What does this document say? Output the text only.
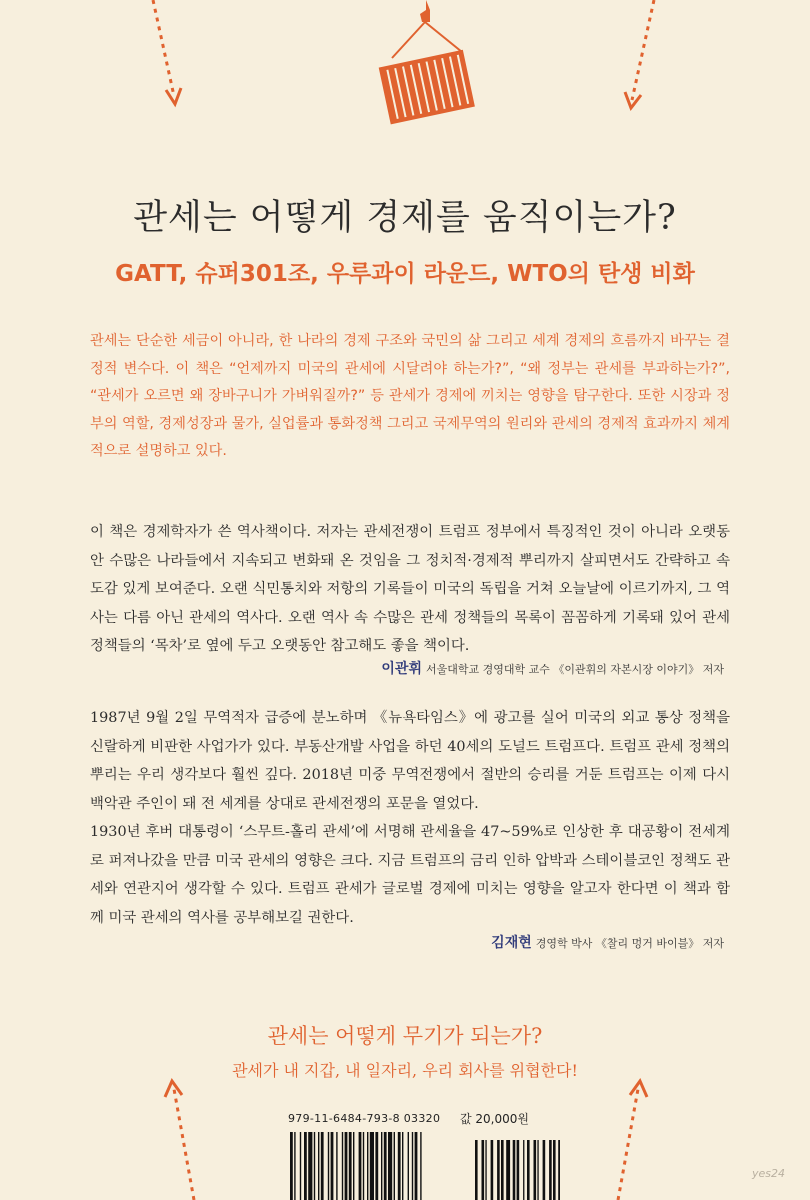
관세는 어떻게 경제를 움직이는가?
GATT, 슈퍼301조, 우루과이 라운드, WTO의 탄생 비화
관세는 단순한 세금이 아니라, 한 나라의 경제 구조와 국민의 삶 그리고 세계 경제의 흐름까지 바꾸는 결정적 변수다. 이 책은 “언제까지 미국의 관세에 시달려야 하는가?”, “왜 정부는 관세를 부과하는가?”, “관세가 오르면 왜 장바구니가 가벼워질까?” 등 관세가 경제에 끼치는 영향을 탐구한다. 또한 시장과 정부의 역할, 경제성장과 물가, 실업률과 통화정책 그리고 국제무역의 원리와 관세의 경제적 효과까지 체계적으로 설명하고 있다.

이 책은 경제학자가 쓴 역사책이다. 저자는 관세전쟁이 트럼프 정부에서 특징적인 것이 아니라 오랫동안 수많은 나라들에서 지속되고 변화돼 온 것임을 그 정치적·경제적 뿌리까지 살피면서도 간략하고 속도감 있게 보여준다. 오랜 식민통치와 저항의 기록들이 미국의 독립을 거쳐 오늘날에 이르기까지, 그 역사는 다름 아닌 관세의 역사다. 오랜 역사 속 수많은 관세 정책들의 목록이 꼼꼼하게 기록돼 있어 관세 정책들의 ‘목차’로 옆에 두고 오랫동안 참고해도 좋을 책이다.

이관휘 서울대학교 경영대학 교수 《이관휘의 자본시장 이야기》 저자

1987년 9월 2일 무역적자 급증에 분노하며 《뉴욕타임스》에 광고를 실어 미국의 외교 통상 정책을 신랄하게 비판한 사업가가 있다. 부동산개발 사업을 하던 40세의 도널드 트럼프다. 트럼프 관세 정책의 뿌리는 우리 생각보다 훨씬 깊다. 2018년 미중 무역전쟁에서 절반의 승리를 거둔 트럼프는 이제 다시 백악관 주인이 돼 전 세계를 상대로 관세전쟁의 포문을 열었다.

1930년 후버 대통령이 ‘스무트-홀리 관세’에 서명해 관세율을 47~59%로 인상한 후 대공황이 전세계로 퍼져나갔을 만큼 미국 관세의 영향은 크다. 지금 트럼프의 금리 인하 압박과 스테이블코인 정책도 관세와 연관지어 생각할 수 있다. 트럼프 관세가 글로벌 경제에 미치는 영향을 알고자 한다면 이 책과 함께 미국 관세의 역사를 공부해보길 권한다.

김재현 경영학 박사 《찰리 멍거 바이블》 저자
관세는 어떻게 무기가 되는가?
관세가 내 지갑, 내 일자리, 우리 회사를 위협한다!
979-11-6484-793-8 03320 값 20,000원
yes24
